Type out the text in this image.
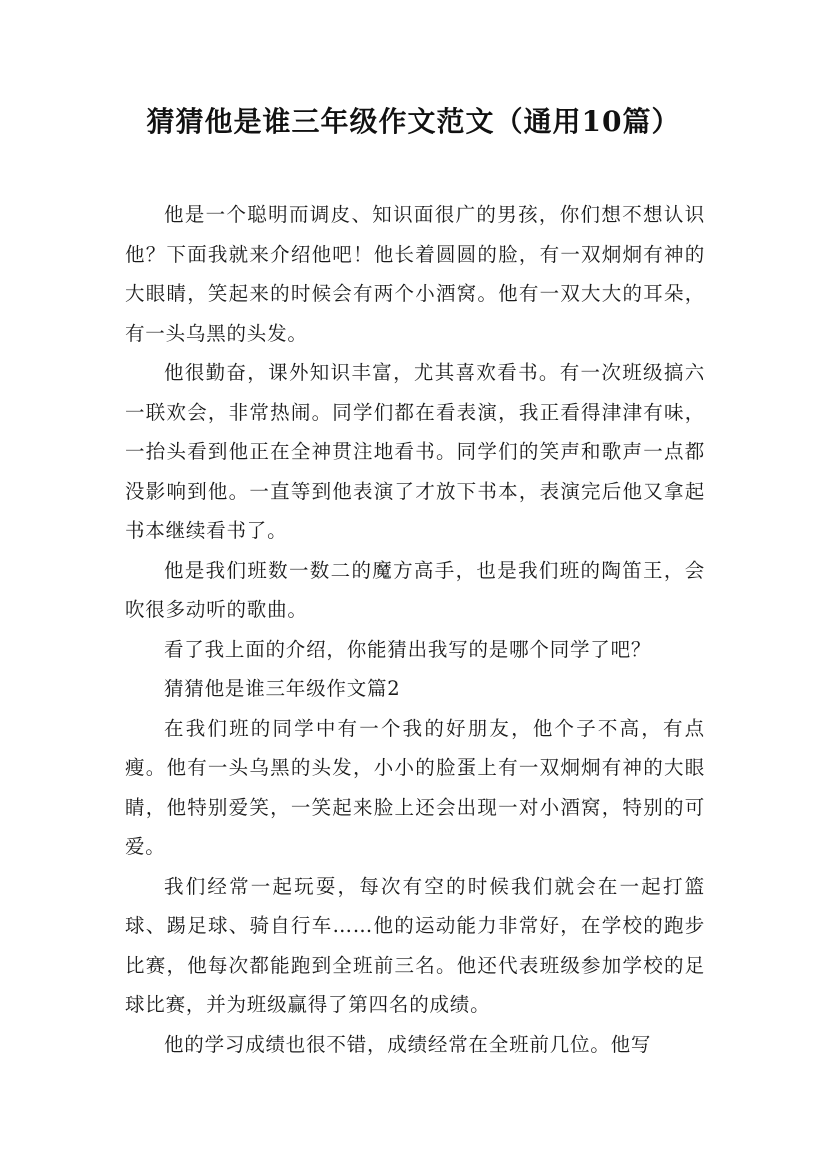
猜猜他是谁三年级作文范文（通用10篇）

他是一个聪明而调皮、知识面很广的男孩，你们想不想认识他？下面我就来介绍他吧！他长着圆圆的脸，有一双炯炯有神的大眼睛，笑起来的时候会有两个小酒窝。他有一双大大的耳朵，有一头乌黑的头发。

他很勤奋，课外知识丰富，尤其喜欢看书。有一次班级搞六一联欢会，非常热闹。同学们都在看表演，我正看得津津有味，一抬头看到他正在全神贯注地看书。同学们的笑声和歌声一点都没影响到他。一直等到他表演了才放下书本，表演完后他又拿起书本继续看书了。

他是我们班数一数二的魔方高手，也是我们班的陶笛王，会吹很多动听的歌曲。

看了我上面的介绍，你能猜出我写的是哪个同学了吧？

猜猜他是谁三年级作文篇2

在我们班的同学中有一个我的好朋友，他个子不高，有点瘦。他有一头乌黑的头发，小小的脸蛋上有一双炯炯有神的大眼睛，他特别爱笑，一笑起来脸上还会出现一对小酒窝，特别的可爱。

我们经常一起玩耍，每次有空的时候我们就会在一起打篮球、踢足球、骑自行车……他的运动能力非常好，在学校的跑步比赛，他每次都能跑到全班前三名。他还代表班级参加学校的足球比赛，并为班级赢得了第四名的成绩。

他的学习成绩也很不错，成绩经常在全班前几位。他写
